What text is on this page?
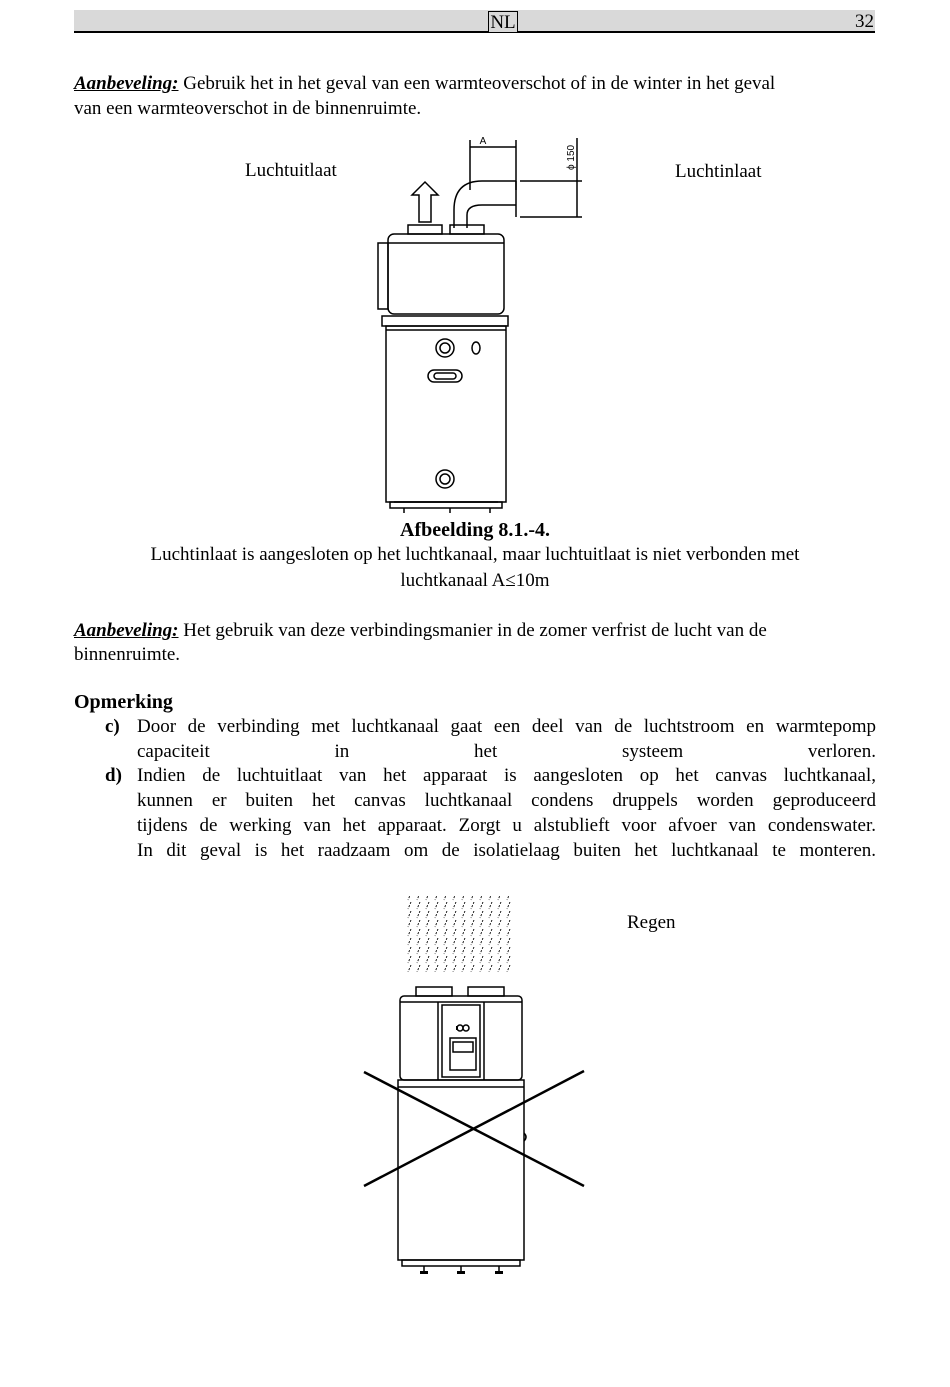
NL	32
Aanbeveling: Gebruik het in het geval van een warmteoverschot of in de winter in het geval
van een warmteoverschot in de binnenruimte.
Luchtuitlaat	Luchtinlaat
A
ϕ 150
Afbeelding 8.1.-4.
Luchtinlaat is aangesloten op het luchtkanaal, maar luchtuitlaat is niet verbonden met
luchtkanaal A≤10m
Aanbeveling: Het gebruik van deze verbindingsmanier in de zomer verfrist de lucht van de
binnenruimte.
Opmerking
c) Door de verbinding met luchtkanaal gaat een deel van de luchtstroom en warmtepomp
capaciteit in het systeem verloren.
d) Indien de luchtuitlaat van het apparaat is aangesloten op het canvas luchtkanaal,
kunnen er buiten het canvas luchtkanaal condens druppels worden geproduceerd
tijdens de werking van het apparaat. Zorgt u alstublieft voor afvoer van condenswater.
In dit geval is het raadzaam om de isolatielaag buiten het luchtkanaal te monteren.
Regen
